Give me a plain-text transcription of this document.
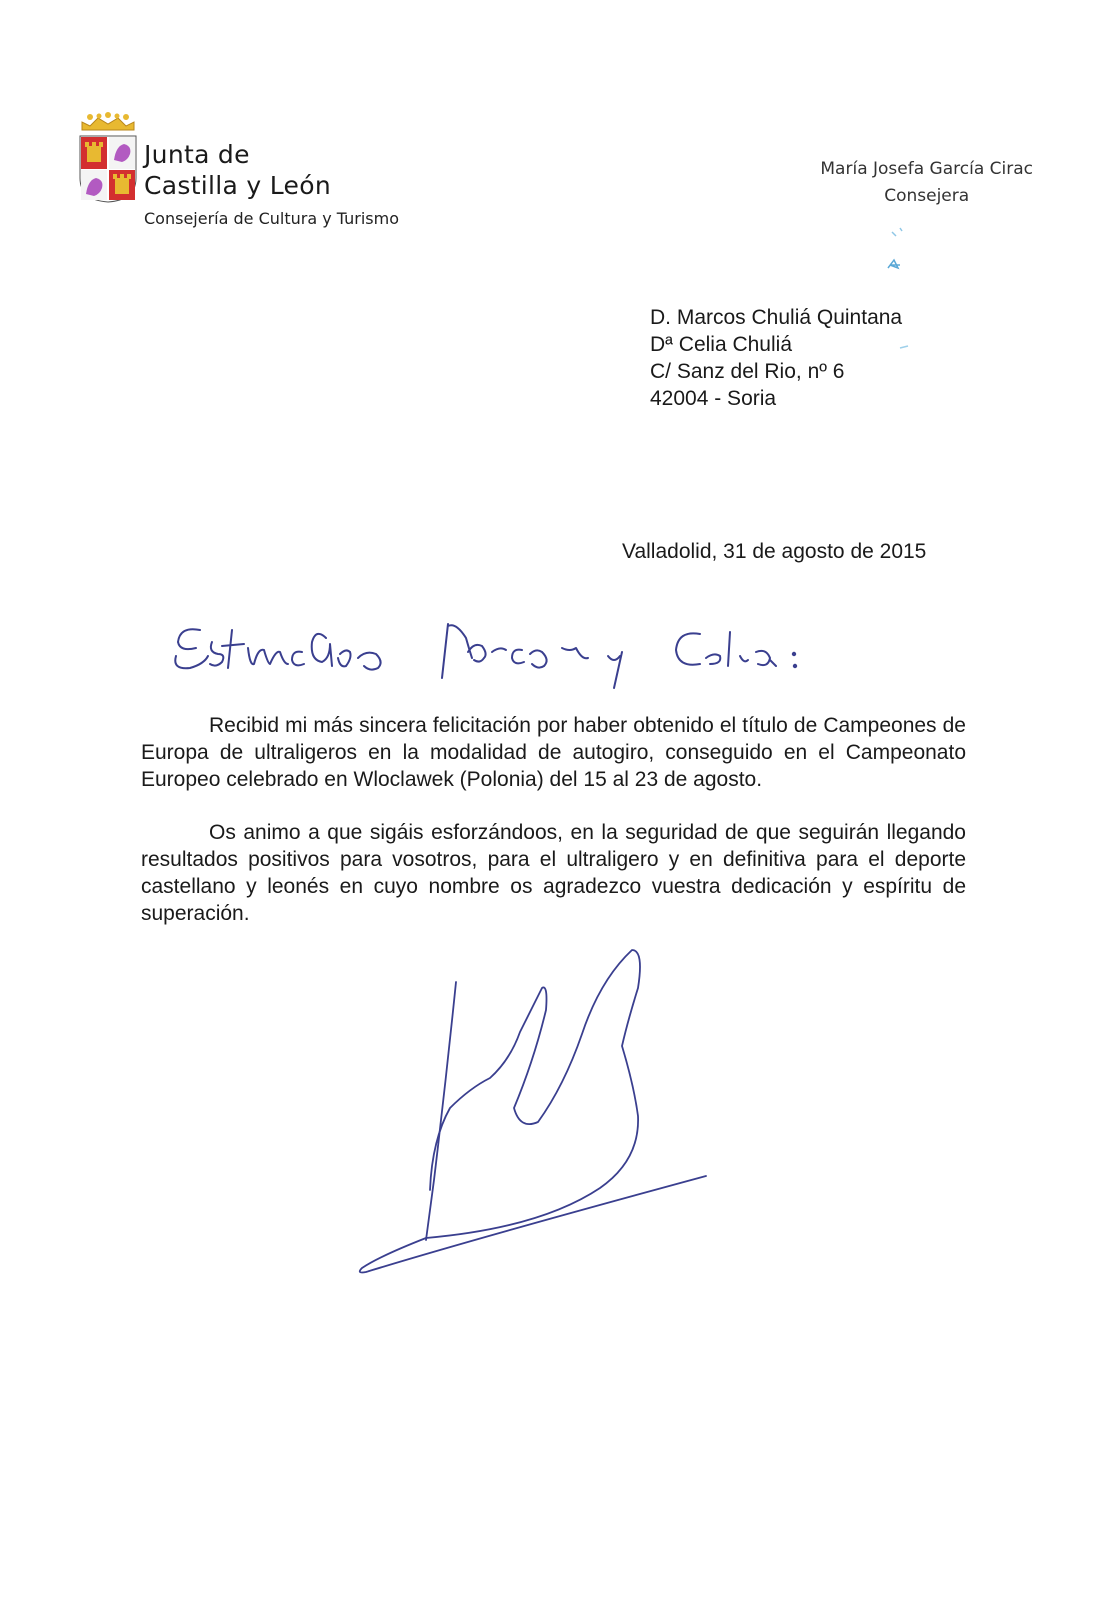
Junta de
Castilla y León
Consejería de Cultura y Turismo
María Josefa García Cirac
Consejera
D. Marcos Chuliá Quintana
Dª Celia Chuliá
C/ Sanz del Rio, nº 6
42004 - Soria
Valladolid, 31 de agosto de 2015

Recibid mi más sincera felicitación por haber obtenido el título de Campeones de Europa de ultraligeros en la modalidad de autogiro, conseguido en el Campeonato Europeo celebrado en Wloclawek (Polonia) del 15 al 23 de agosto.

Os animo a que sigáis esforzándoos, en la seguridad de que seguirán llegando resultados positivos para vosotros, para el ultraligero y en definitiva para el deporte castellano y leonés en cuyo nombre os agradezco vuestra dedicación y espíritu de superación.
